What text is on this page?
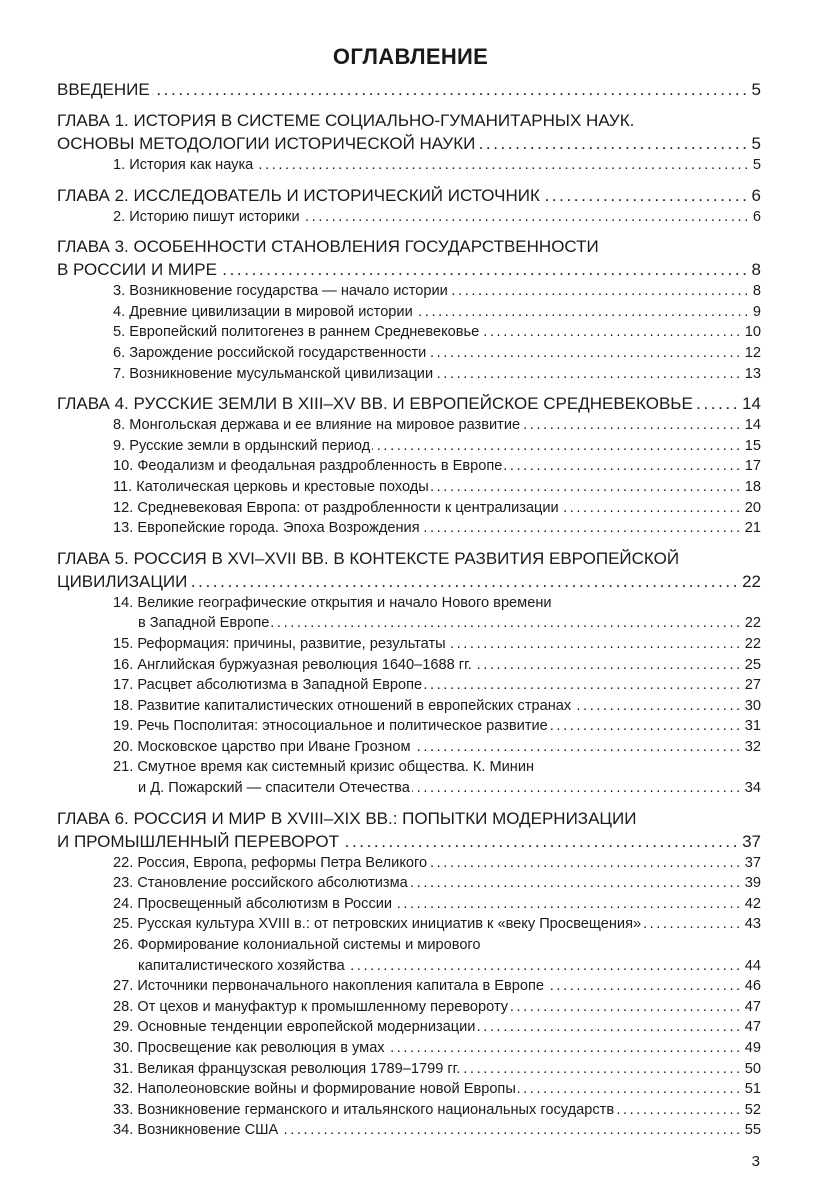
ОГЛАВЛЕНИЕ
ВВЕДЕНИЕ .....	5
ГЛАВА 1. ИСТОРИЯ В СИСТЕМЕ СОЦИАЛЬНО-ГУМАНИТАРНЫХ НАУК.
ОСНОВЫ МЕТОДОЛОГИИ ИСТОРИЧЕСКОЙ НАУКИ .....	5
1. История как наука .....	5
ГЛАВА 2. ИССЛЕДОВАТЕЛЬ И ИСТОРИЧЕСКИЙ ИСТОЧНИК .....	6
2. Историю пишут историки .....	6
ГЛАВА 3. ОСОБЕННОСТИ СТАНОВЛЕНИЯ ГОСУДАРСТВЕННОСТИ
В РОССИИ И МИРЕ .....	8
3. Возникновение государства — начало истории .....	8
4. Древние цивилизации в мировой истории .....	9
5. Европейский политогенез в раннем Средневековье .....	10
6. Зарождение российской государственности .....	12
7. Возникновение мусульманской цивилизации .....	13
ГЛАВА 4. РУССКИЕ ЗЕМЛИ В XIII–XV ВВ. И ЕВРОПЕЙСКОЕ СРЕДНЕВЕКОВЬЕ .....	14
8. Монгольская держава и ее влияние на мировое развитие .....	14
9. Русские земли в ордынский период .....	15
10. Феодализм и феодальная раздробленность в Европе .....	17
11. Католическая церковь и крестовые походы .....	18
12. Средневековая Европа: от раздробленности к централизации .....	20
13. Европейские города. Эпоха Возрождения .....	21
ГЛАВА 5. РОССИЯ В XVI–XVII ВВ. В КОНТЕКСТЕ РАЗВИТИЯ ЕВРОПЕЙСКОЙ
ЦИВИЛИЗАЦИИ .....	22
14. Великие географические открытия и начало Нового времени
в Западной Европе .....	22
15. Реформация: причины, развитие, результаты .....	22
16. Английская буржуазная революция 1640–1688 гг. .....	25
17. Расцвет абсолютизма в Западной Европе .....	27
18. Развитие капиталистических отношений в европейских странах .....	30
19. Речь Посполитая: этносоциальное и политическое развитие .....	31
20. Московское царство при Иване Грозном .....	32
21. Смутное время как системный кризис общества. К. Минин
и Д. Пожарский — спасители Отечества .....	34
ГЛАВА 6. РОССИЯ И МИР В XVIII–XIX ВВ.: ПОПЫТКИ МОДЕРНИЗАЦИИ
И ПРОМЫШЛЕННЫЙ ПЕРЕВОРОТ .....	37
22. Россия, Европа, реформы Петра Великого .....	37
23. Становление российского абсолютизма .....	39
24. Просвещенный абсолютизм в России .....	42
25. Русская культура XVIII в.: от петровских инициатив к «веку Просвещения» .....	43
26. Формирование колониальной системы и мирового
капиталистического хозяйства .....	44
27. Источники первоначального накопления капитала в Европе .....	46
28. От цехов и мануфактур к промышленному перевороту .....	47
29. Основные тенденции европейской модернизации .....	47
30. Просвещение как революция в умах .....	49
31. Великая французская революция 1789–1799 гг. .....	50
32. Наполеоновские войны и формирование новой Европы .....	51
33. Возникновение германского и итальянского национальных государств .....	52
34. Возникновение США .....	55
3
